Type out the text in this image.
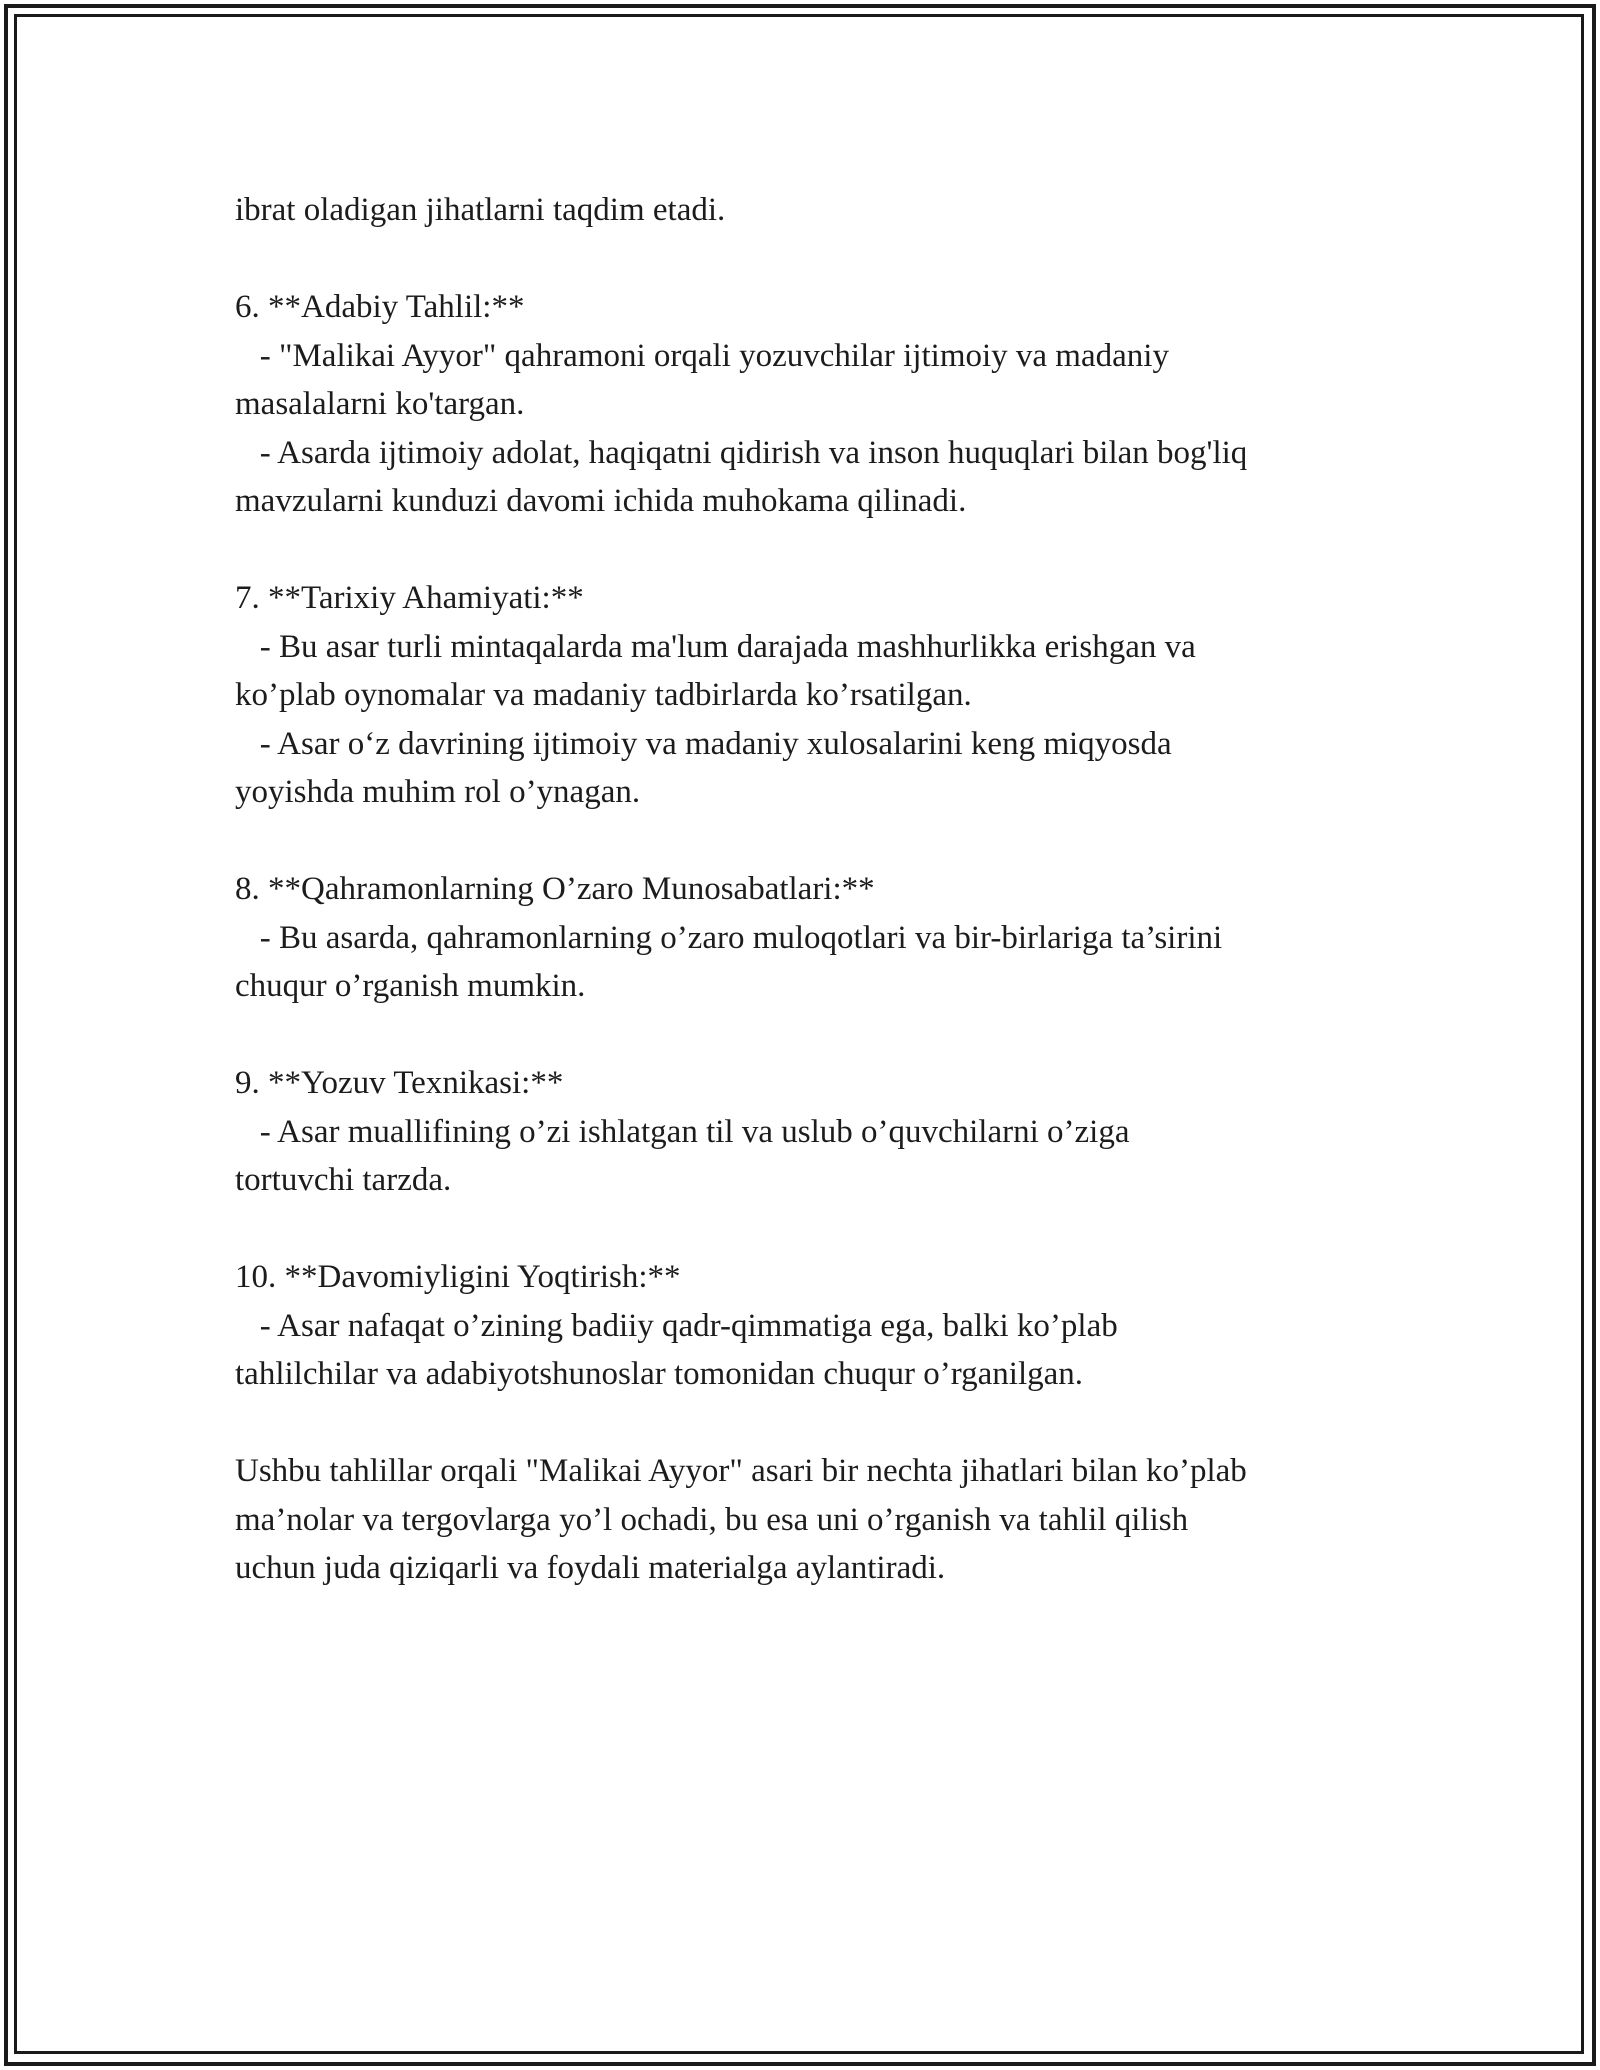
ibrat oladigan jihatlarni taqdim etadi.

6. **Adabiy Tahlil:**

- "Malikai Ayyor" qahramoni orqali yozuvchilar ijtimoiy va madaniy

masalalarni ko'targan.

- Asarda ijtimoiy adolat, haqiqatni qidirish va inson huquqlari bilan bog'liq

mavzularni kunduzi davomi ichida muhokama qilinadi.

7. **Tarixiy Ahamiyati:**

- Bu asar turli mintaqalarda ma'lum darajada mashhurlikka erishgan va

ko’plab oynomalar va madaniy tadbirlarda ko’rsatilgan.

- Asar o‘z davrining ijtimoiy va madaniy xulosalarini keng miqyosda

yoyishda muhim rol o’ynagan.

8. **Qahramonlarning O’zaro Munosabatlari:**

- Bu asarda, qahramonlarning o’zaro muloqotlari va bir-birlariga ta’sirini

chuqur o’rganish mumkin.

9. **Yozuv Texnikasi:**

- Asar muallifining o’zi ishlatgan til va uslub o’quvchilarni o’ziga

tortuvchi tarzda.

10. **Davomiyligini Yoqtirish:**

- Asar nafaqat o’zining badiiy qadr-qimmatiga ega, balki ko’plab

tahlilchilar va adabiyotshunoslar tomonidan chuqur o’rganilgan.

Ushbu tahlillar orqali "Malikai Ayyor" asari bir nechta jihatlari bilan ko’plab

ma’nolar va tergovlarga yo’l ochadi, bu esa uni o’rganish va tahlil qilish

uchun juda qiziqarli va foydali materialga aylantiradi.
